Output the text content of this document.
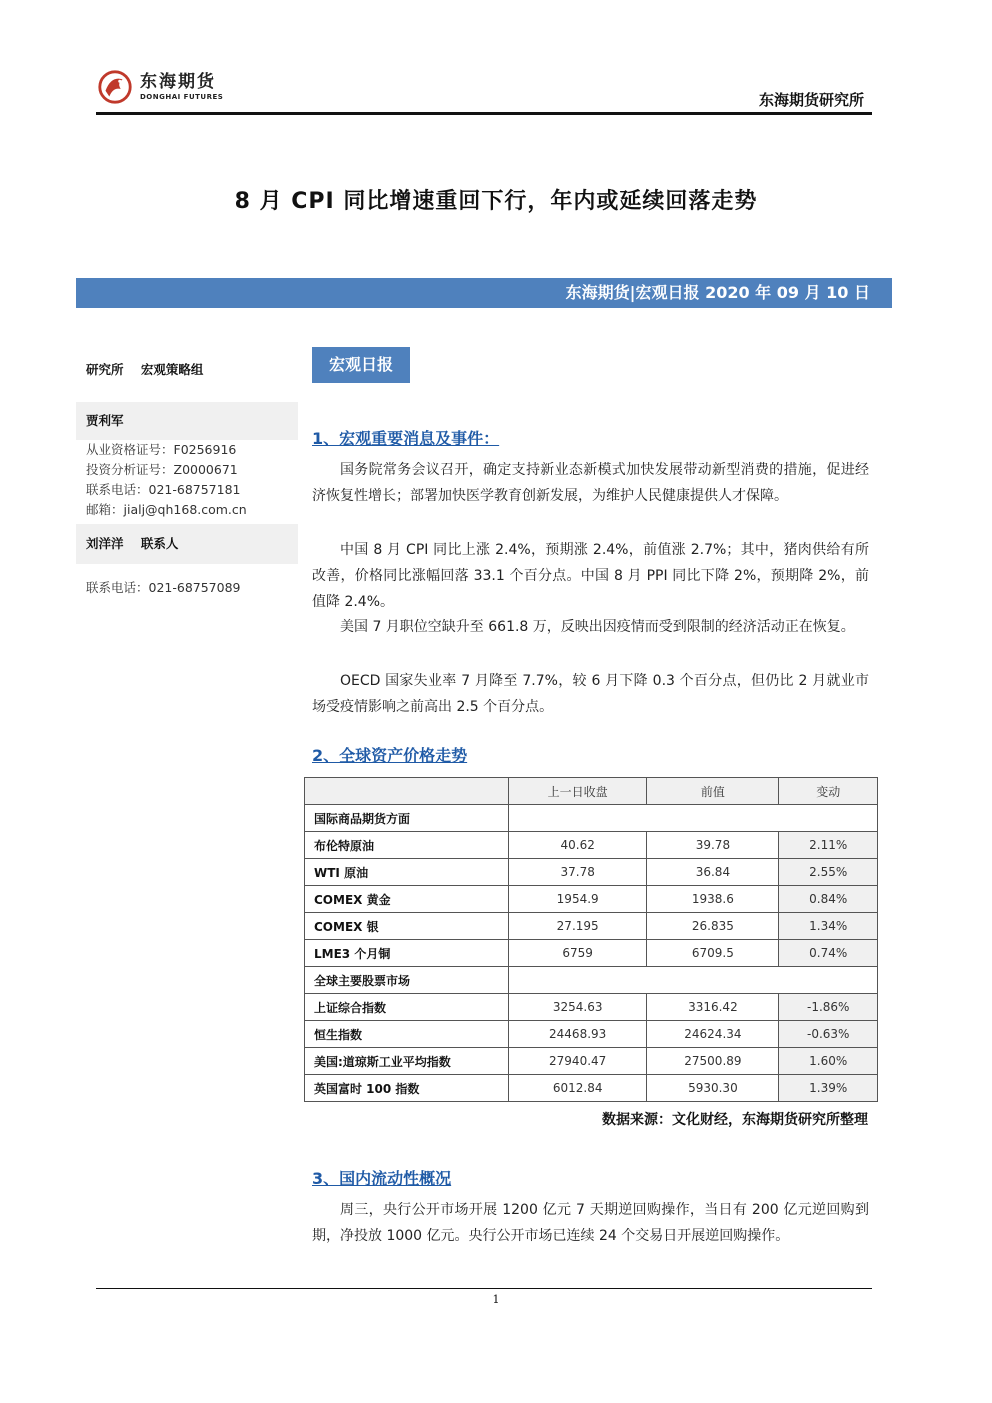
东海期货
DONGHAI FUTURES	东海期货研究所
8 月 CPI 同比增速重回下行，年内或延续回落走势
东海期货|宏观日报 2020 年 09 月 10 日
研究所    宏观策略组
贾利军
从业资格证号：F0256916
投资分析证号：Z0000671
联系电话：021-68757181
邮箱：jialj@qh168.com.cn
刘洋洋    联系人
联系电话：021-68757089
宏观日报
1、宏观重要消息及事件：

国务院常务会议召开，确定支持新业态新模式加快发展带动新型消费的措施，促进经济恢复性增长；部署加快医学教育创新发展，为维护人民健康提供人才保障。

中国 8 月 CPI 同比上涨 2.4%，预期涨 2.4%，前值涨 2.7%；其中，猪肉供给有所改善，价格同比涨幅回落 33.1 个百分点。中国 8 月 PPI 同比下降 2%，预期降 2%，前值降 2.4%。

美国 7 月职位空缺升至 661.8 万，反映出因疫情而受到限制的经济活动正在恢复。

OECD 国家失业率 7 月降至 7.7%，较 6 月下降 0.3 个百分点，但仍比 2 月就业市场受疫情影响之前高出 2.5 个百分点。

2、全球资产价格走势
	上一日收盘	前值	变动
国际商品期货方面			
布伦特原油	40.62	39.78	2.11%
WTI 原油	37.78	36.84	2.55%
COMEX 黄金	1954.9	1938.6	0.84%
COMEX 银	27.195	26.835	1.34%
LME3 个月铜	6759	6709.5	0.74%
全球主要股票市场			
上证综合指数	3254.63	3316.42	-1.86%
恒生指数	24468.93	24624.34	-0.63%
美国:道琼斯工业平均指数	27940.47	27500.89	1.60%
英国富时 100 指数	6012.84	5930.30	1.39%
数据来源：文化财经，东海期货研究所整理
3、国内流动性概况

周三，央行公开市场开展 1200 亿元 7 天期逆回购操作，当日有 200 亿元逆回购到期，净投放 1000 亿元。央行公开市场已连续 24 个交易日开展逆回购操作。

1
